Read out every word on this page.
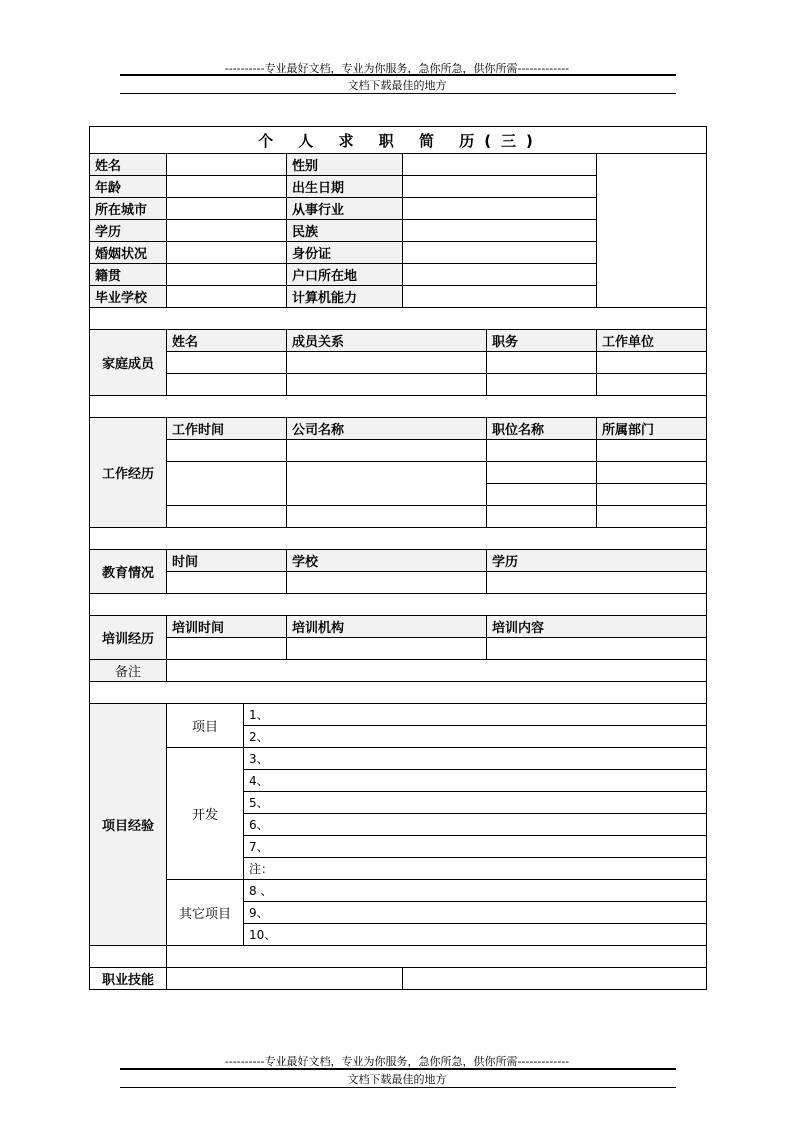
----------专业最好文档，专业为你服务，急你所急，供你所需-------------
文档下载最佳的地方
个 人 求 职 简 历(三)						
姓名			性别			
年龄			出生日期			
所在城市			从事行业			
学历			民族			
婚姻状况			身份证			
籍贯			户口所在地			
毕业学校			计算机能力			

家庭成员	姓名		成员关系		职务	工作单位

工作经历	工作时间		公司名称		职位名称	所属部门

教育情况	时间		学校		学历	

培训经历	培训时间		培训机构		培训内容	

备注						

项目经验	项目	1、				
		2、				
	开发	3、				
		4、				
		5、				
		6、				
		7、				
		注：				
	其它项目	8 、				
		9、				
		10、				

职业技能						
----------专业最好文档，专业为你服务，急你所急，供你所需-------------
文档下载最佳的地方
